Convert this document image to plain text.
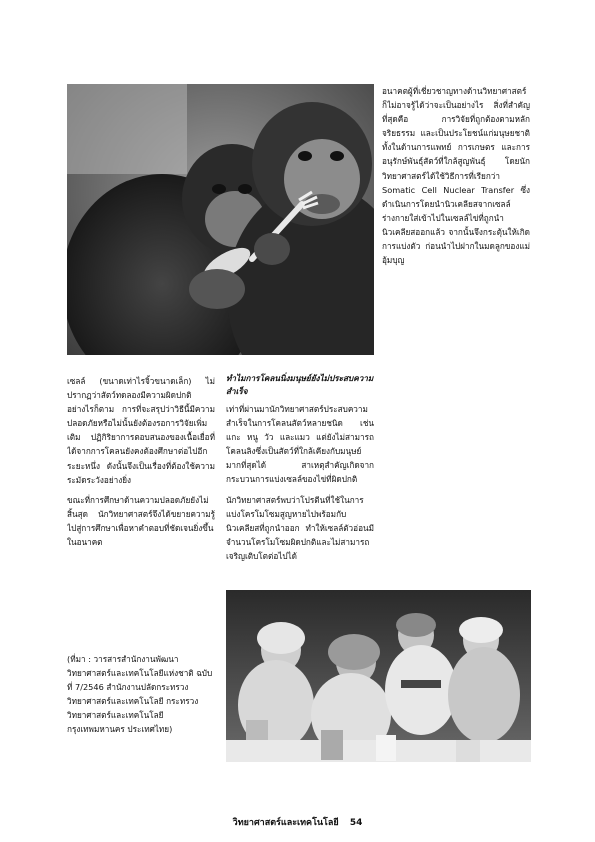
อนาคตผู้ที่เชี่ยวชาญทางด้านวิทยาศาสตร์ ก็ไม่อาจรู้ได้ว่าจะเป็นอย่างไร สิ่งที่สำคัญที่สุดคือ การวิจัยที่ถูกต้องตามหลักจริยธรรม และเป็นประโยชน์แก่มนุษยชาติ ทั้งในด้านการแพทย์ การเกษตร และการอนุรักษ์พันธุ์สัตว์ที่ใกล้สูญพันธุ์ โดยนักวิทยาศาสตร์ได้ใช้วิธีการที่เรียกว่า Somatic Cell Nuclear Transfer ซึ่งดำเนินการโดยนำนิวเคลียสจากเซลล์ร่างกายใส่เข้าไปในเซลล์ไข่ที่ถูกนำนิวเคลียสออกแล้ว จากนั้นจึงกระตุ้นให้เกิดการแบ่งตัว ก่อนนำไปฝากในมดลูกของแม่อุ้มบุญ

เซลล์ (ขนาดเท่าไรจิ้วขนาดเล็ก) ไม่ปรากฏว่าสัตว์ทดลองมีความผิดปกติ อย่างไรก็ตาม การที่จะสรุปว่าวิธีนี้มีความปลอดภัยหรือไม่นั้นยังต้องรอการวิจัยเพิ่มเติม ปฏิกิริยาการตอบสนองของเนื้อเยื่อที่ได้จากการโคลนยังคงต้องศึกษาต่อไปอีกระยะหนึ่ง ดังนั้นจึงเป็นเรื่องที่ต้องใช้ความระมัดระวังอย่างยิ่ง

ขณะที่การศึกษาด้านความปลอดภัยยังไม่สิ้นสุด นักวิทยาศาสตร์จึงได้ขยายความรู้ไปสู่การศึกษาเพื่อหาคำตอบที่ชัดเจนยิ่งขึ้นในอนาคต

(ที่มา : วารสารสำนักงานพัฒนาวิทยาศาสตร์และเทคโนโลยีแห่งชาติ ฉบับที่ 7/2546 สำนักงานปลัดกระทรวงวิทยาศาสตร์และเทคโนโลยี กระทรวงวิทยาศาสตร์และเทคโนโลยี กรุงเทพมหานคร ประเทศไทย)
ทำไมการโคลนนิ่งมนุษย์ยังไม่ประสบความสำเร็จ

เท่าที่ผ่านมานักวิทยาศาสตร์ประสบความสำเร็จในการโคลนสัตว์หลายชนิด เช่น แกะ หนู วัว และแมว แต่ยังไม่สามารถโคลนลิงซึ่งเป็นสัตว์ที่ใกล้เคียงกับมนุษย์มากที่สุดได้ สาเหตุสำคัญเกิดจากกระบวนการแบ่งเซลล์ของไข่ที่ผิดปกติ

นักวิทยาศาสตร์พบว่าโปรตีนที่ใช้ในการแบ่งโครโมโซมสูญหายไปพร้อมกับนิวเคลียสที่ถูกนำออก ทำให้เซลล์ตัวอ่อนมีจำนวนโครโมโซมผิดปกติและไม่สามารถเจริญเติบโตต่อไปได้

วิทยาศาสตร์และเทคโนโลยี 54
